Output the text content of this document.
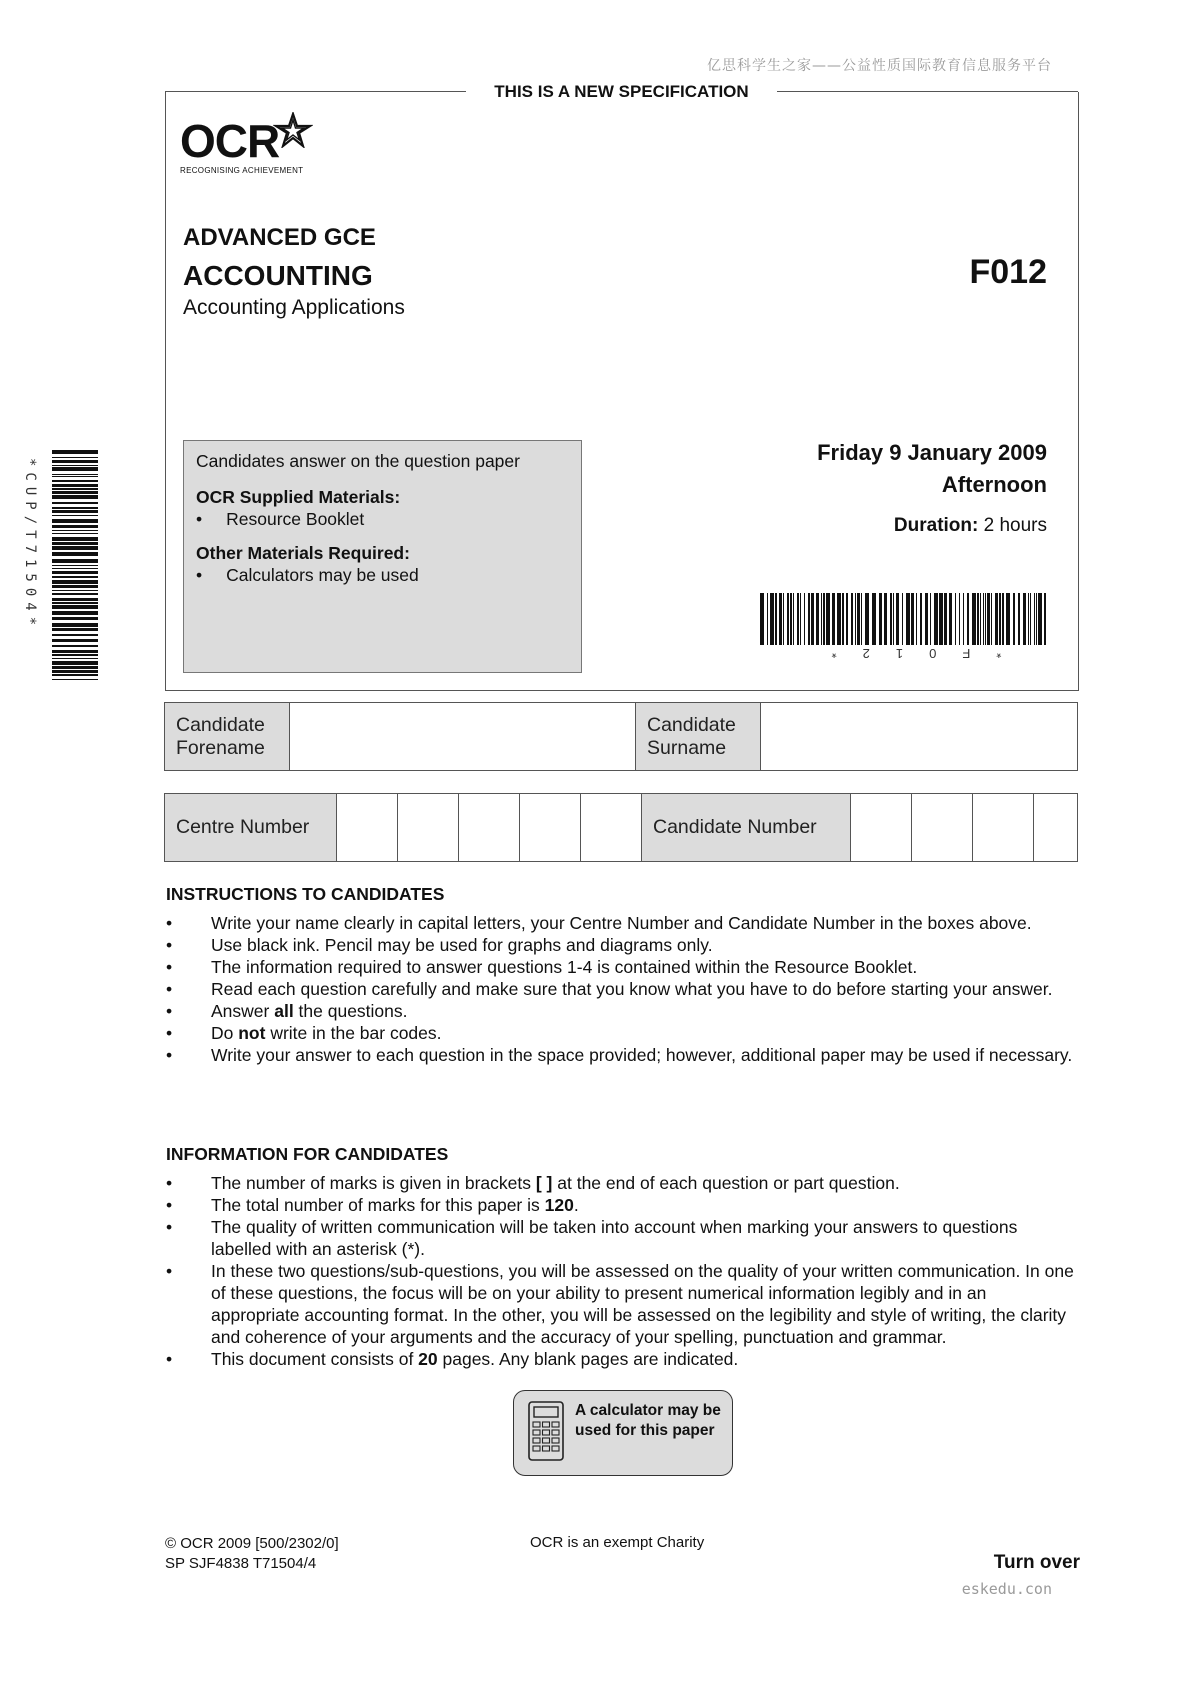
亿思科学生之家——公益性质国际教育信息服务平台
THIS IS A NEW SPECIFICATION
OCR
RECOGNISING ACHIEVEMENT
ADVANCED GCE
ACCOUNTING
Accounting Applications
F012
Candidates answer on the question paper
OCR Supplied Materials:
• Resource Booklet
Other Materials Required:
• Calculators may be used
Friday 9 January 2009
Afternoon
Duration: 2 hours
*F012*
*CUP/T71504*
Candidate Forename		Candidate Surname	
Centre Number						Candidate Number				
INSTRUCTIONS TO CANDIDATES
• Write your name clearly in capital letters, your Centre Number and Candidate Number in the boxes above.
• Use black ink. Pencil may be used for graphs and diagrams only.
• The information required to answer questions 1-4 is contained within the Resource Booklet.
• Read each question carefully and make sure that you know what you have to do before starting your answer.
• Answer all the questions.
• Do not write in the bar codes.
• Write your answer to each question in the space provided; however, additional paper may be used if necessary.
INFORMATION FOR CANDIDATES
• The number of marks is given in brackets [ ] at the end of each question or part question.
• The total number of marks for this paper is 120.
• The quality of written communication will be taken into account when marking your answers to questions labelled with an asterisk (*).
• In these two questions/sub-questions, you will be assessed on the quality of your written communication. In one of these questions, the focus will be on your ability to present numerical information legibly and in an appropriate accounting format. In the other, you will be assessed on the legibility and style of writing, the clarity and coherence of your arguments and the accuracy of your spelling, punctuation and grammar.
• This document consists of 20 pages. Any blank pages are indicated.
A calculator may be used for this paper
© OCR 2009 [500/2302/0]
SP SJF4838 T71504/4
OCR is an exempt Charity
Turn over
eskedu.con
